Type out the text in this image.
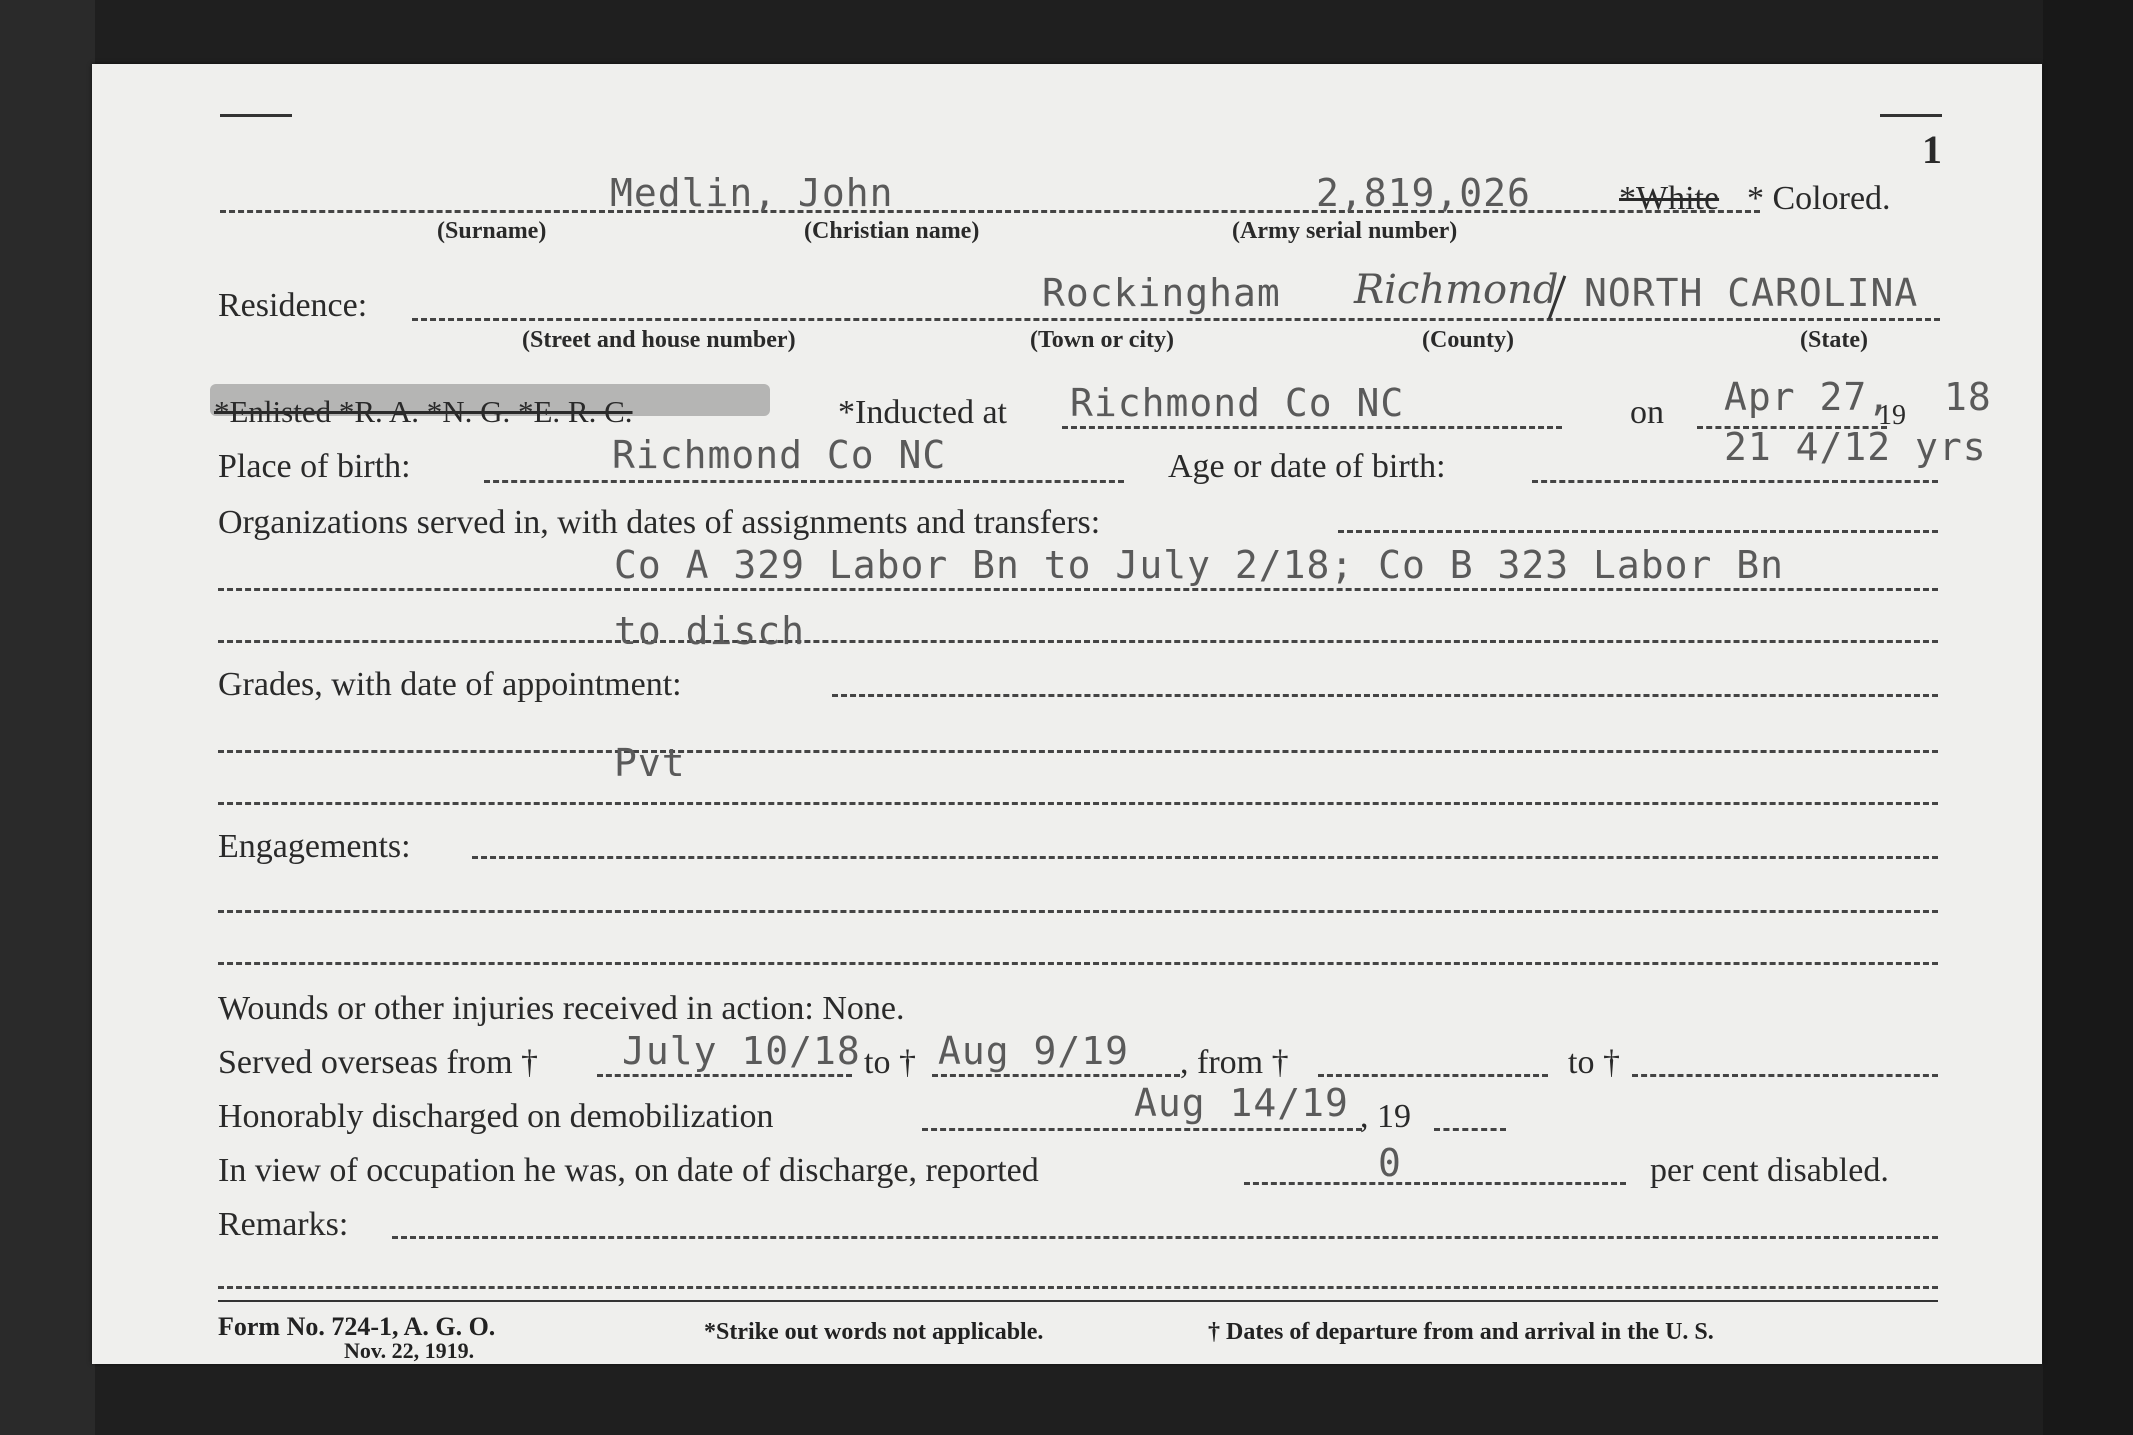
1
Medlin, John	2,819,026	*White * Colored.
(Surname)	(Christian name)	(Army serial number)
Residence:	Rockingham Richmond NORTH CAROLINA
(Street and house number)	(Town or city)	(County)	(State)
*Enlisted *R. A. *N. G. *E. R. C.	*Inducted at Richmond Co NC	on Apr 27,
19 18
Place of birth:	Richmond Co NC	Age or date of birth:	21 4/12 yrs
Organizations served in, with dates of assignments and transfers:
Co A 329 Labor Bn to July 2/18; Co B 323 Labor Bn
to disch
Grades, with date of appointment:
Pvt
Engagements:
Wounds or other injuries received in action: None.
Served overseas from † July 10/18 to † Aug 9/19 , from †	to †
Honorably discharged on demobilization	Aug 14/19 , 19
In view of occupation he was, on date of discharge, reported	0	per cent disabled.
Remarks:
Form No. 724-1, A. G. O.
Nov. 22, 1919.
*Strike out words not applicable.	† Dates of departure from and arrival in the U. S.
